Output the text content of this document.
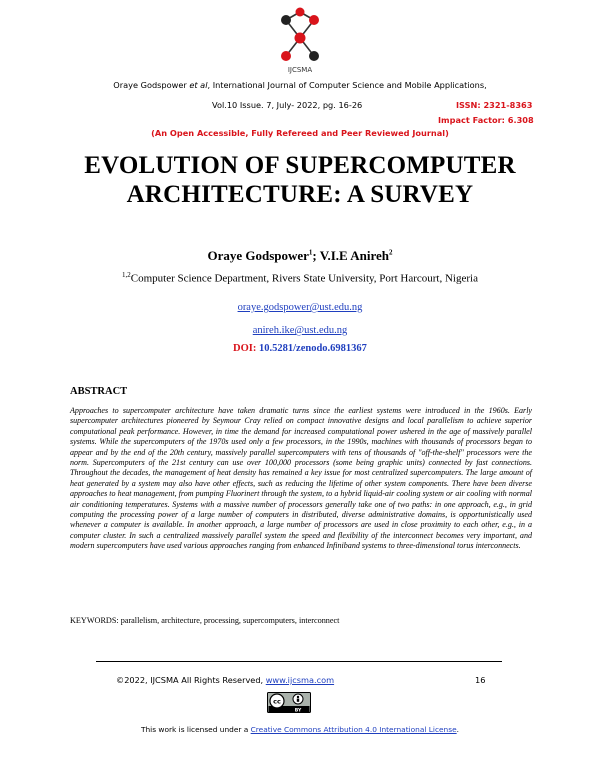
IJCSMA
Oraye Godspower et al, International Journal of Computer Science and Mobile Applications,
Vol.10 Issue. 7, July- 2022, pg. 16-26	ISSN: 2321-8363
Impact Factor: 6.308
(An Open Accessible, Fully Refereed and Peer Reviewed Journal)
EVOLUTION OF SUPERCOMPUTER
ARCHITECTURE: A SURVEY
Oraye Godspower$^1$; V.I.E Anireh$^2$
$^{1,2}$Computer Science Department, Rivers State University, Port Harcourt, Nigeria
oraye.godspower@ust.edu.ng
anireh.ike@ust.edu.ng
DOI: 10.5281/zenodo.6981367
ABSTRACT
Approaches to supercomputer architecture have taken dramatic turns since the earliest systems were introduced in the 1960s. Early supercomputer architectures pioneered by Seymour Cray relied on compact innovative designs and local parallelism to achieve superior computational peak performance. However, in time the demand for increased computational power ushered in the age of massively parallel systems. While the supercomputers of the 1970s used only a few processors, in the 1990s, machines with thousands of processors began to appear and by the end of the 20th century, massively parallel supercomputers with tens of thousands of "off-the-shelf" processors were the norm. Supercomputers of the 21st century can use over 100,000 processors (some being graphic units) connected by fast connections. Throughout the decades, the management of heat density has remained a key issue for most centralized supercomputers. The large amount of heat generated by a system may also have other effects, such as reducing the lifetime of other system components. There have been diverse approaches to heat management, from pumping Fluorinert through the system, to a hybrid liquid-air cooling system or air cooling with normal air conditioning temperatures. Systems with a massive number of processors generally take one of two paths: in one approach, e.g., in grid computing the processing power of a large number of computers in distributed, diverse administrative domains, is opportunistically used whenever a computer is available. In another approach, a large number of processors are used in close proximity to each other, e.g., in a computer cluster. In such a centralized massively parallel system the speed and flexibility of the interconnect becomes very important, and modern supercomputers have used various approaches ranging from enhanced Infiniband systems to three-dimensional torus interconnects.
KEYWORDS: parallelism, architecture, processing, supercomputers, interconnect
©2022, IJCSMA All Rights Reserved, www.ijcsma.com	16
cc
BY
This work is licensed under a Creative Commons Attribution 4.0 International License.
